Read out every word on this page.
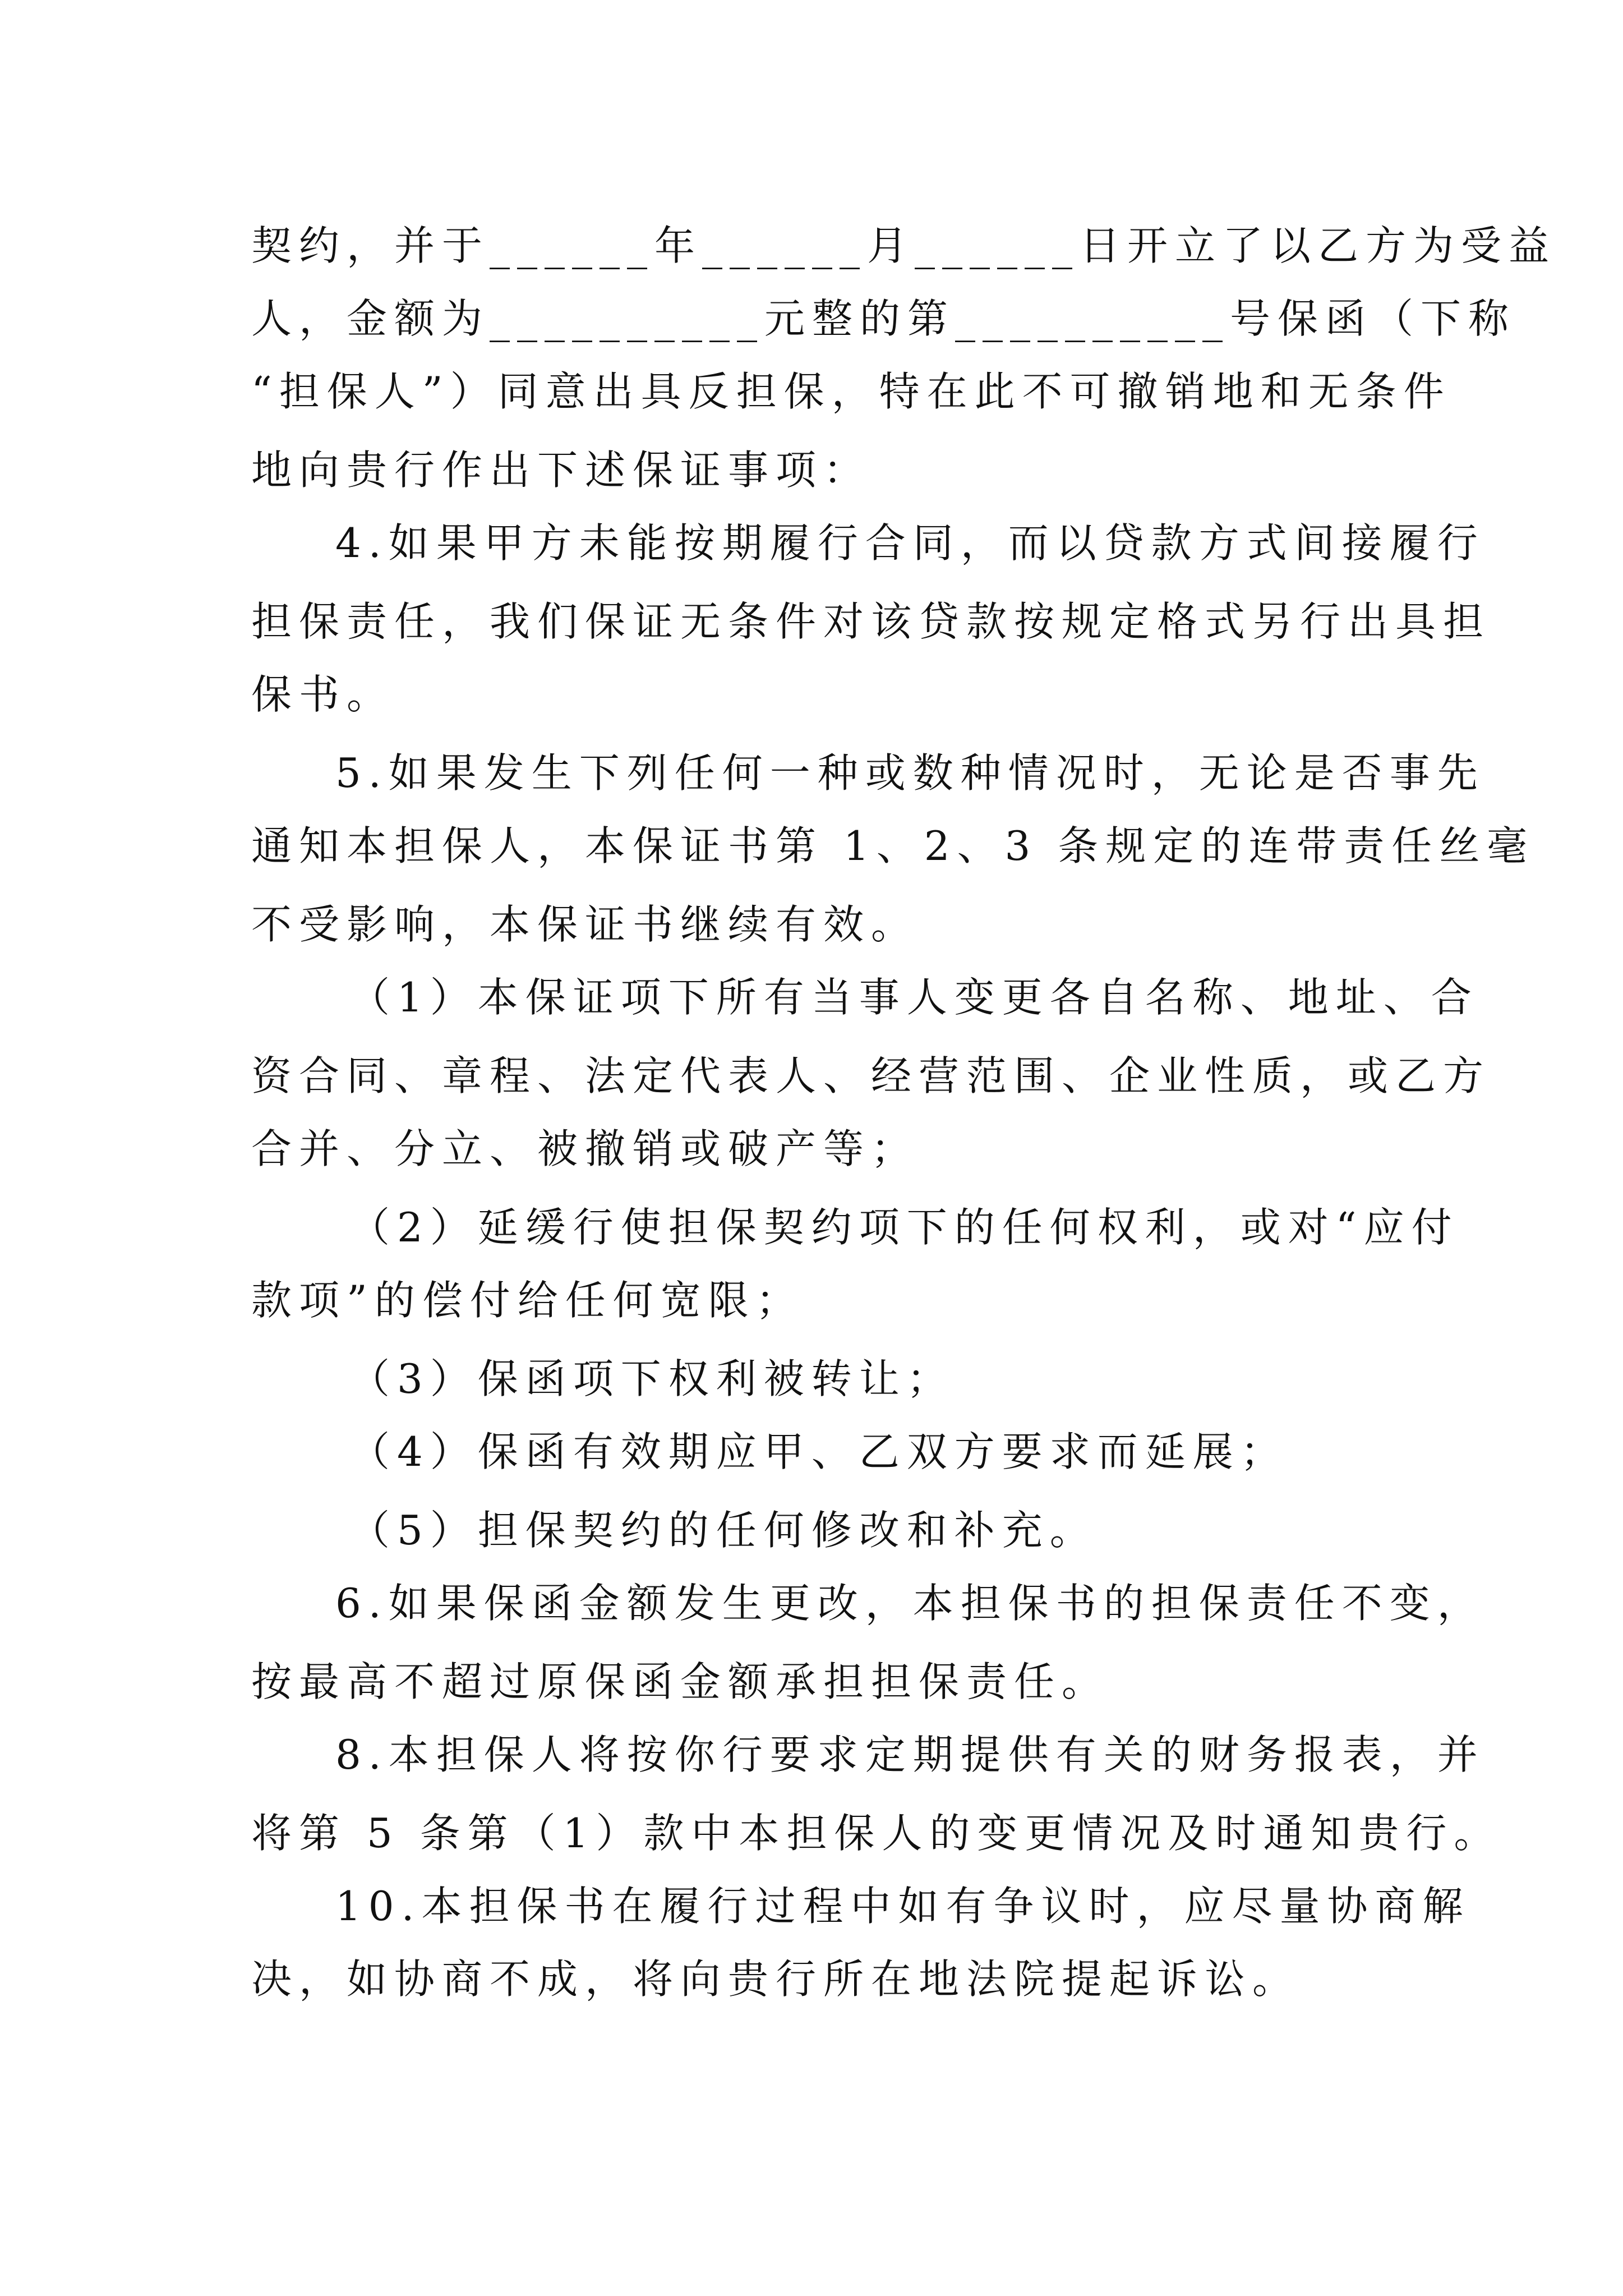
契约，并于______年______月______日开立了以乙方为受益
人，金额为__________元整的第__________号保函（下称
“担保人”）同意出具反担保，特在此不可撤销地和无条件
地向贵行作出下述保证事项：
4.如果甲方未能按期履行合同，而以贷款方式间接履行
担保责任，我们保证无条件对该贷款按规定格式另行出具担
保书。
5.如果发生下列任何一种或数种情况时，无论是否事先
通知本担保人，本保证书第 1、2、3 条规定的连带责任丝毫
不受影响，本保证书继续有效。
（1）本保证项下所有当事人变更各自名称、地址、合
资合同、章程、法定代表人、经营范围、企业性质，或乙方
合并、分立、被撤销或破产等；
（2）延缓行使担保契约项下的任何权利，或对“应付
款项”的偿付给任何宽限；
（3）保函项下权利被转让；
（4）保函有效期应甲、乙双方要求而延展；
（5）担保契约的任何修改和补充。
6.如果保函金额发生更改，本担保书的担保责任不变，
按最高不超过原保函金额承担担保责任。
8.本担保人将按你行要求定期提供有关的财务报表，并
将第 5 条第（1）款中本担保人的变更情况及时通知贵行。
10.本担保书在履行过程中如有争议时，应尽量协商解
决，如协商不成，将向贵行所在地法院提起诉讼。
